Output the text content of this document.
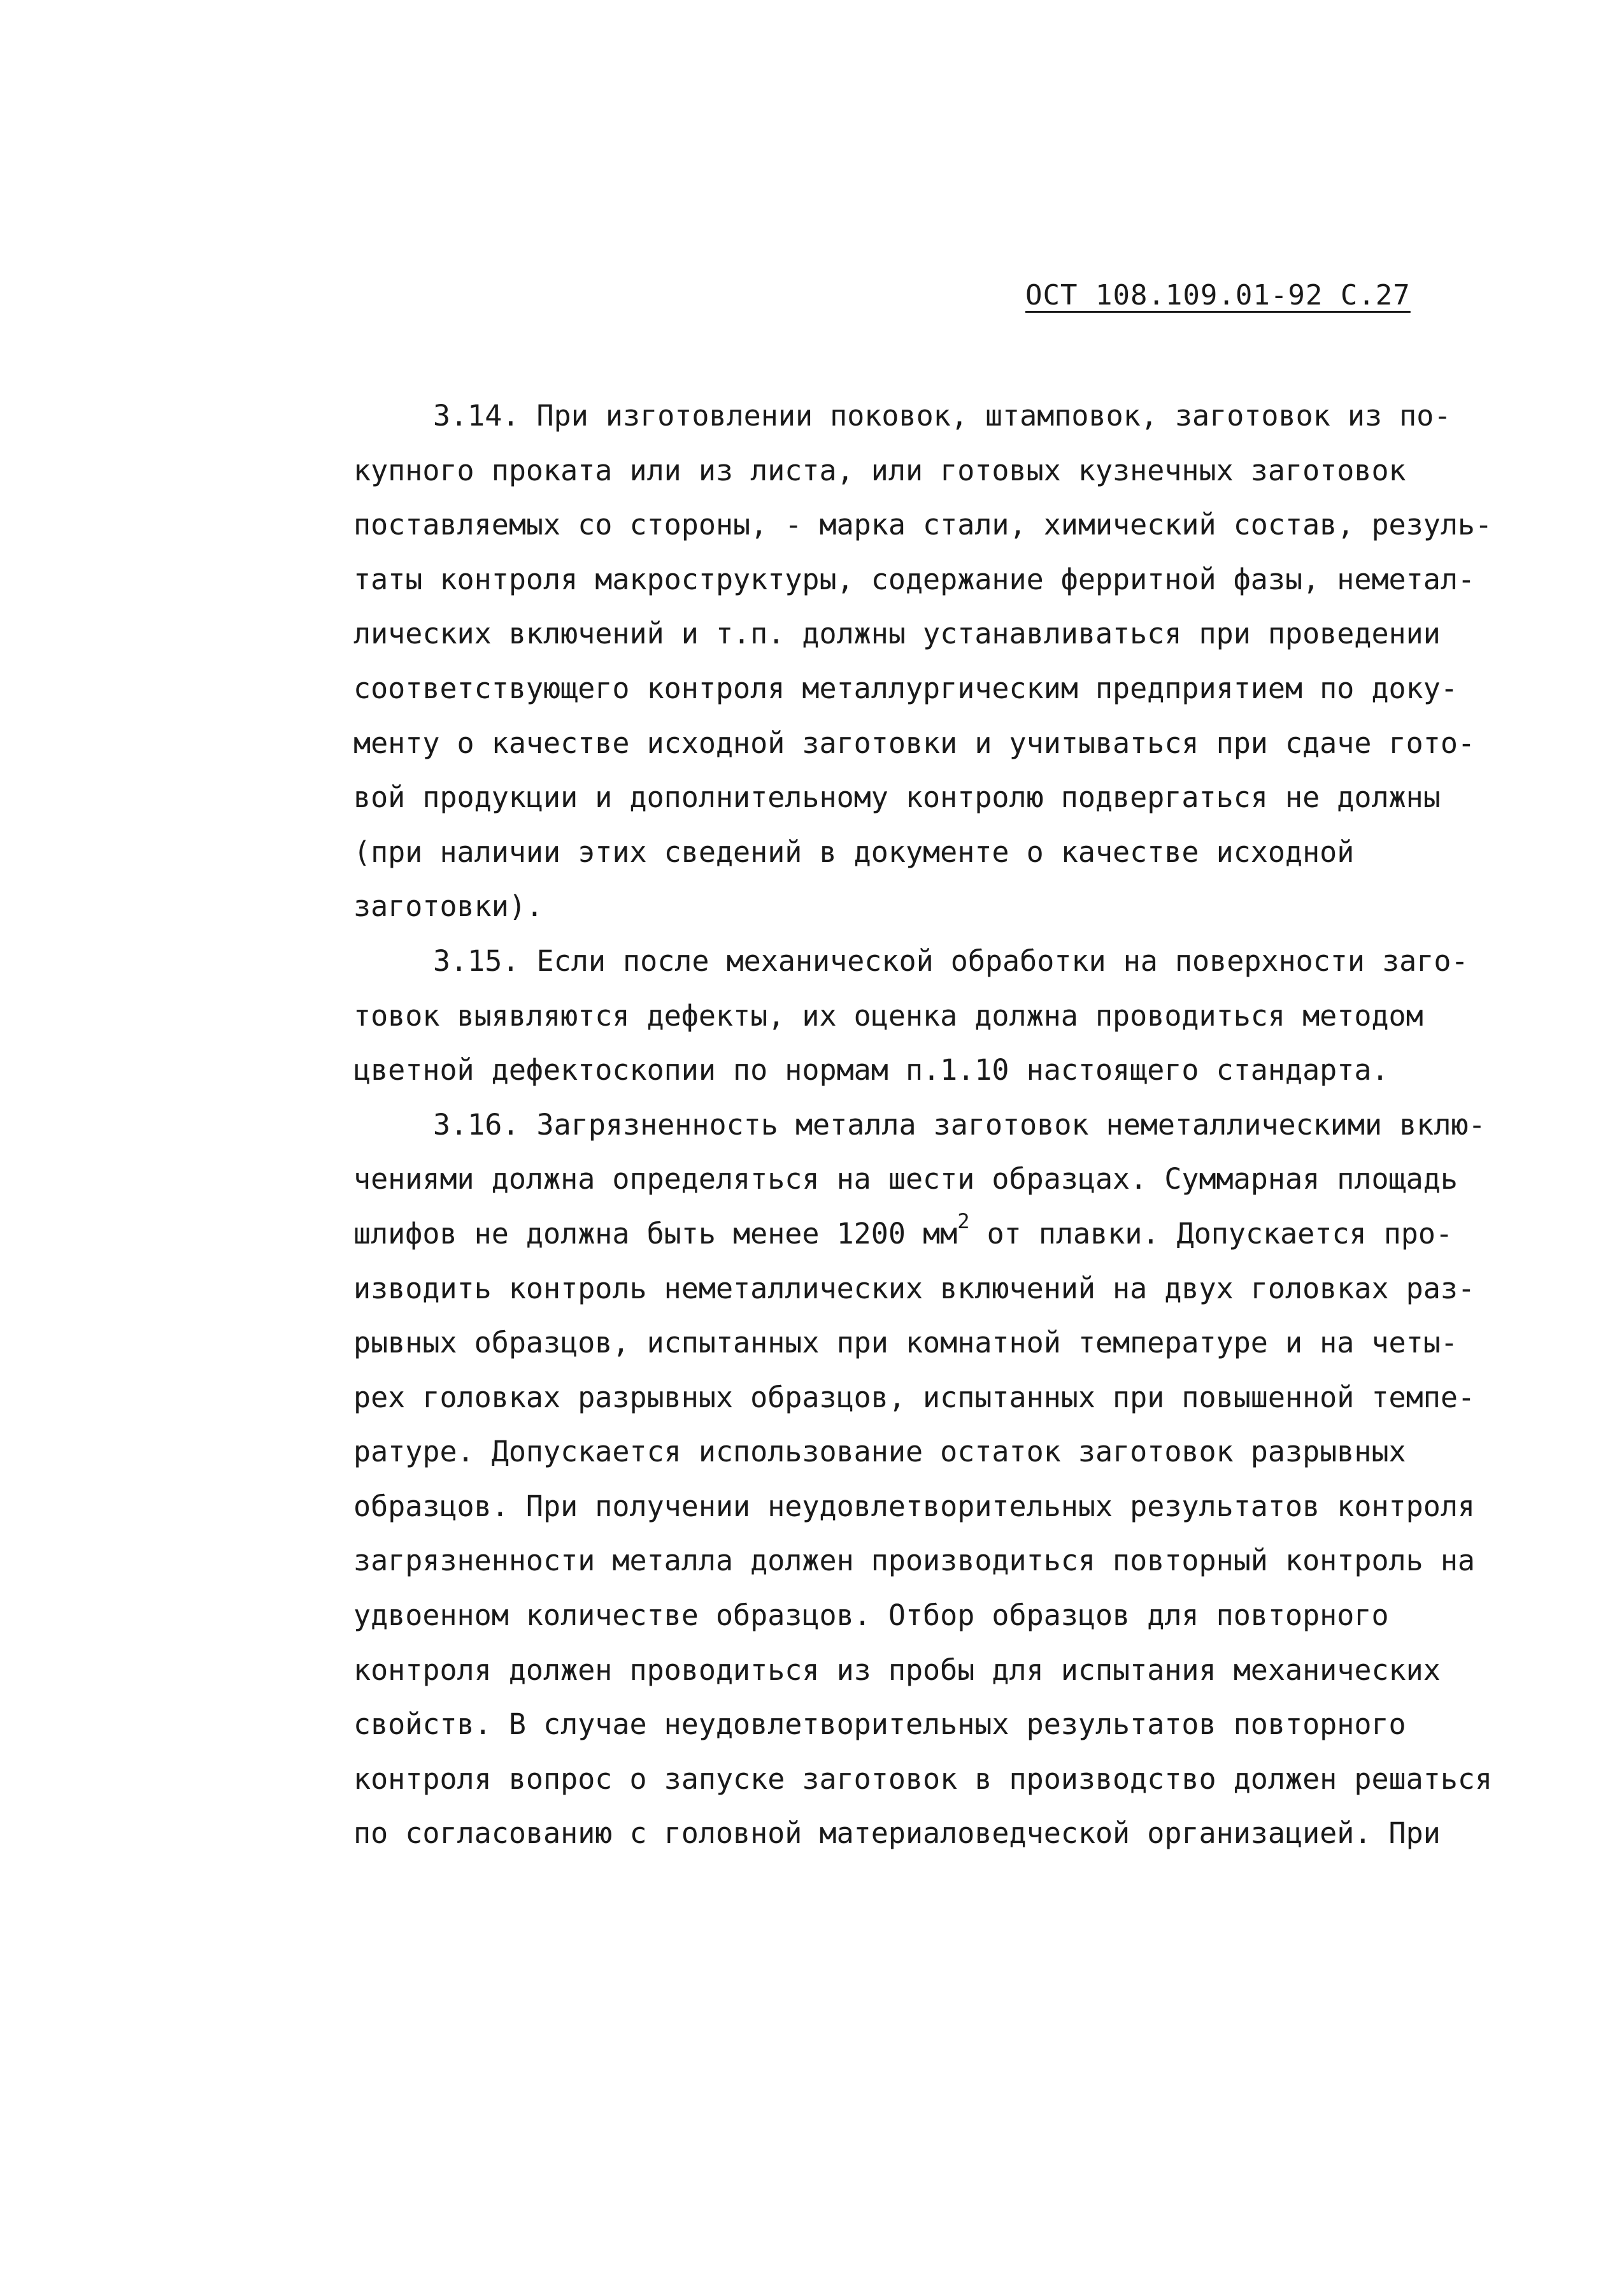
ОСТ 108.109.01-92 С.27
3.14. При изготовлении поковок, штамповок, заготовок из по-
купного проката или из листа, или готовых кузнечных заготовок
поставляемых со стороны, - марка стали, химический состав, резуль-
таты контроля макроструктуры, содержание ферритной фазы, неметал-
лических включений и т.п. должны устанавливаться при проведении
соответствующего контроля металлургическим предприятием по доку-
менту о качестве исходной заготовки и учитываться при сдаче гото-
вой продукции и дополнительному контролю подвергаться не должны
(при наличии этих сведений в документе о качестве исходной
заготовки).
3.15. Если после механической обработки на поверхности заго-
товок выявляются дефекты, их оценка должна проводиться методом
цветной дефектоскопии по нормам п.1.10 настоящего стандарта.
3.16. Загрязненность металла заготовок неметаллическими вклю-
чениями должна определяться на шести образцах. Суммарная площадь
шлифов не должна быть менее 1200 $мм^2$ от плавки. Допускается про-
изводить контроль неметаллических включений на двух головках раз-
рывных образцов, испытанных при комнатной температуре и на четы-
рех головках разрывных образцов, испытанных при повышенной темпе-
ратуре. Допускается использование остаток заготовок разрывных
образцов. При получении неудовлетворительных результатов контроля
загрязненности металла должен производиться повторный контроль на
удвоенном количестве образцов. Отбор образцов для повторного
контроля должен проводиться из пробы для испытания механических
свойств. В случае неудовлетворительных результатов повторного
контроля вопрос о запуске заготовок в производство должен решаться
по согласованию с головной материаловедческой организацией. При
